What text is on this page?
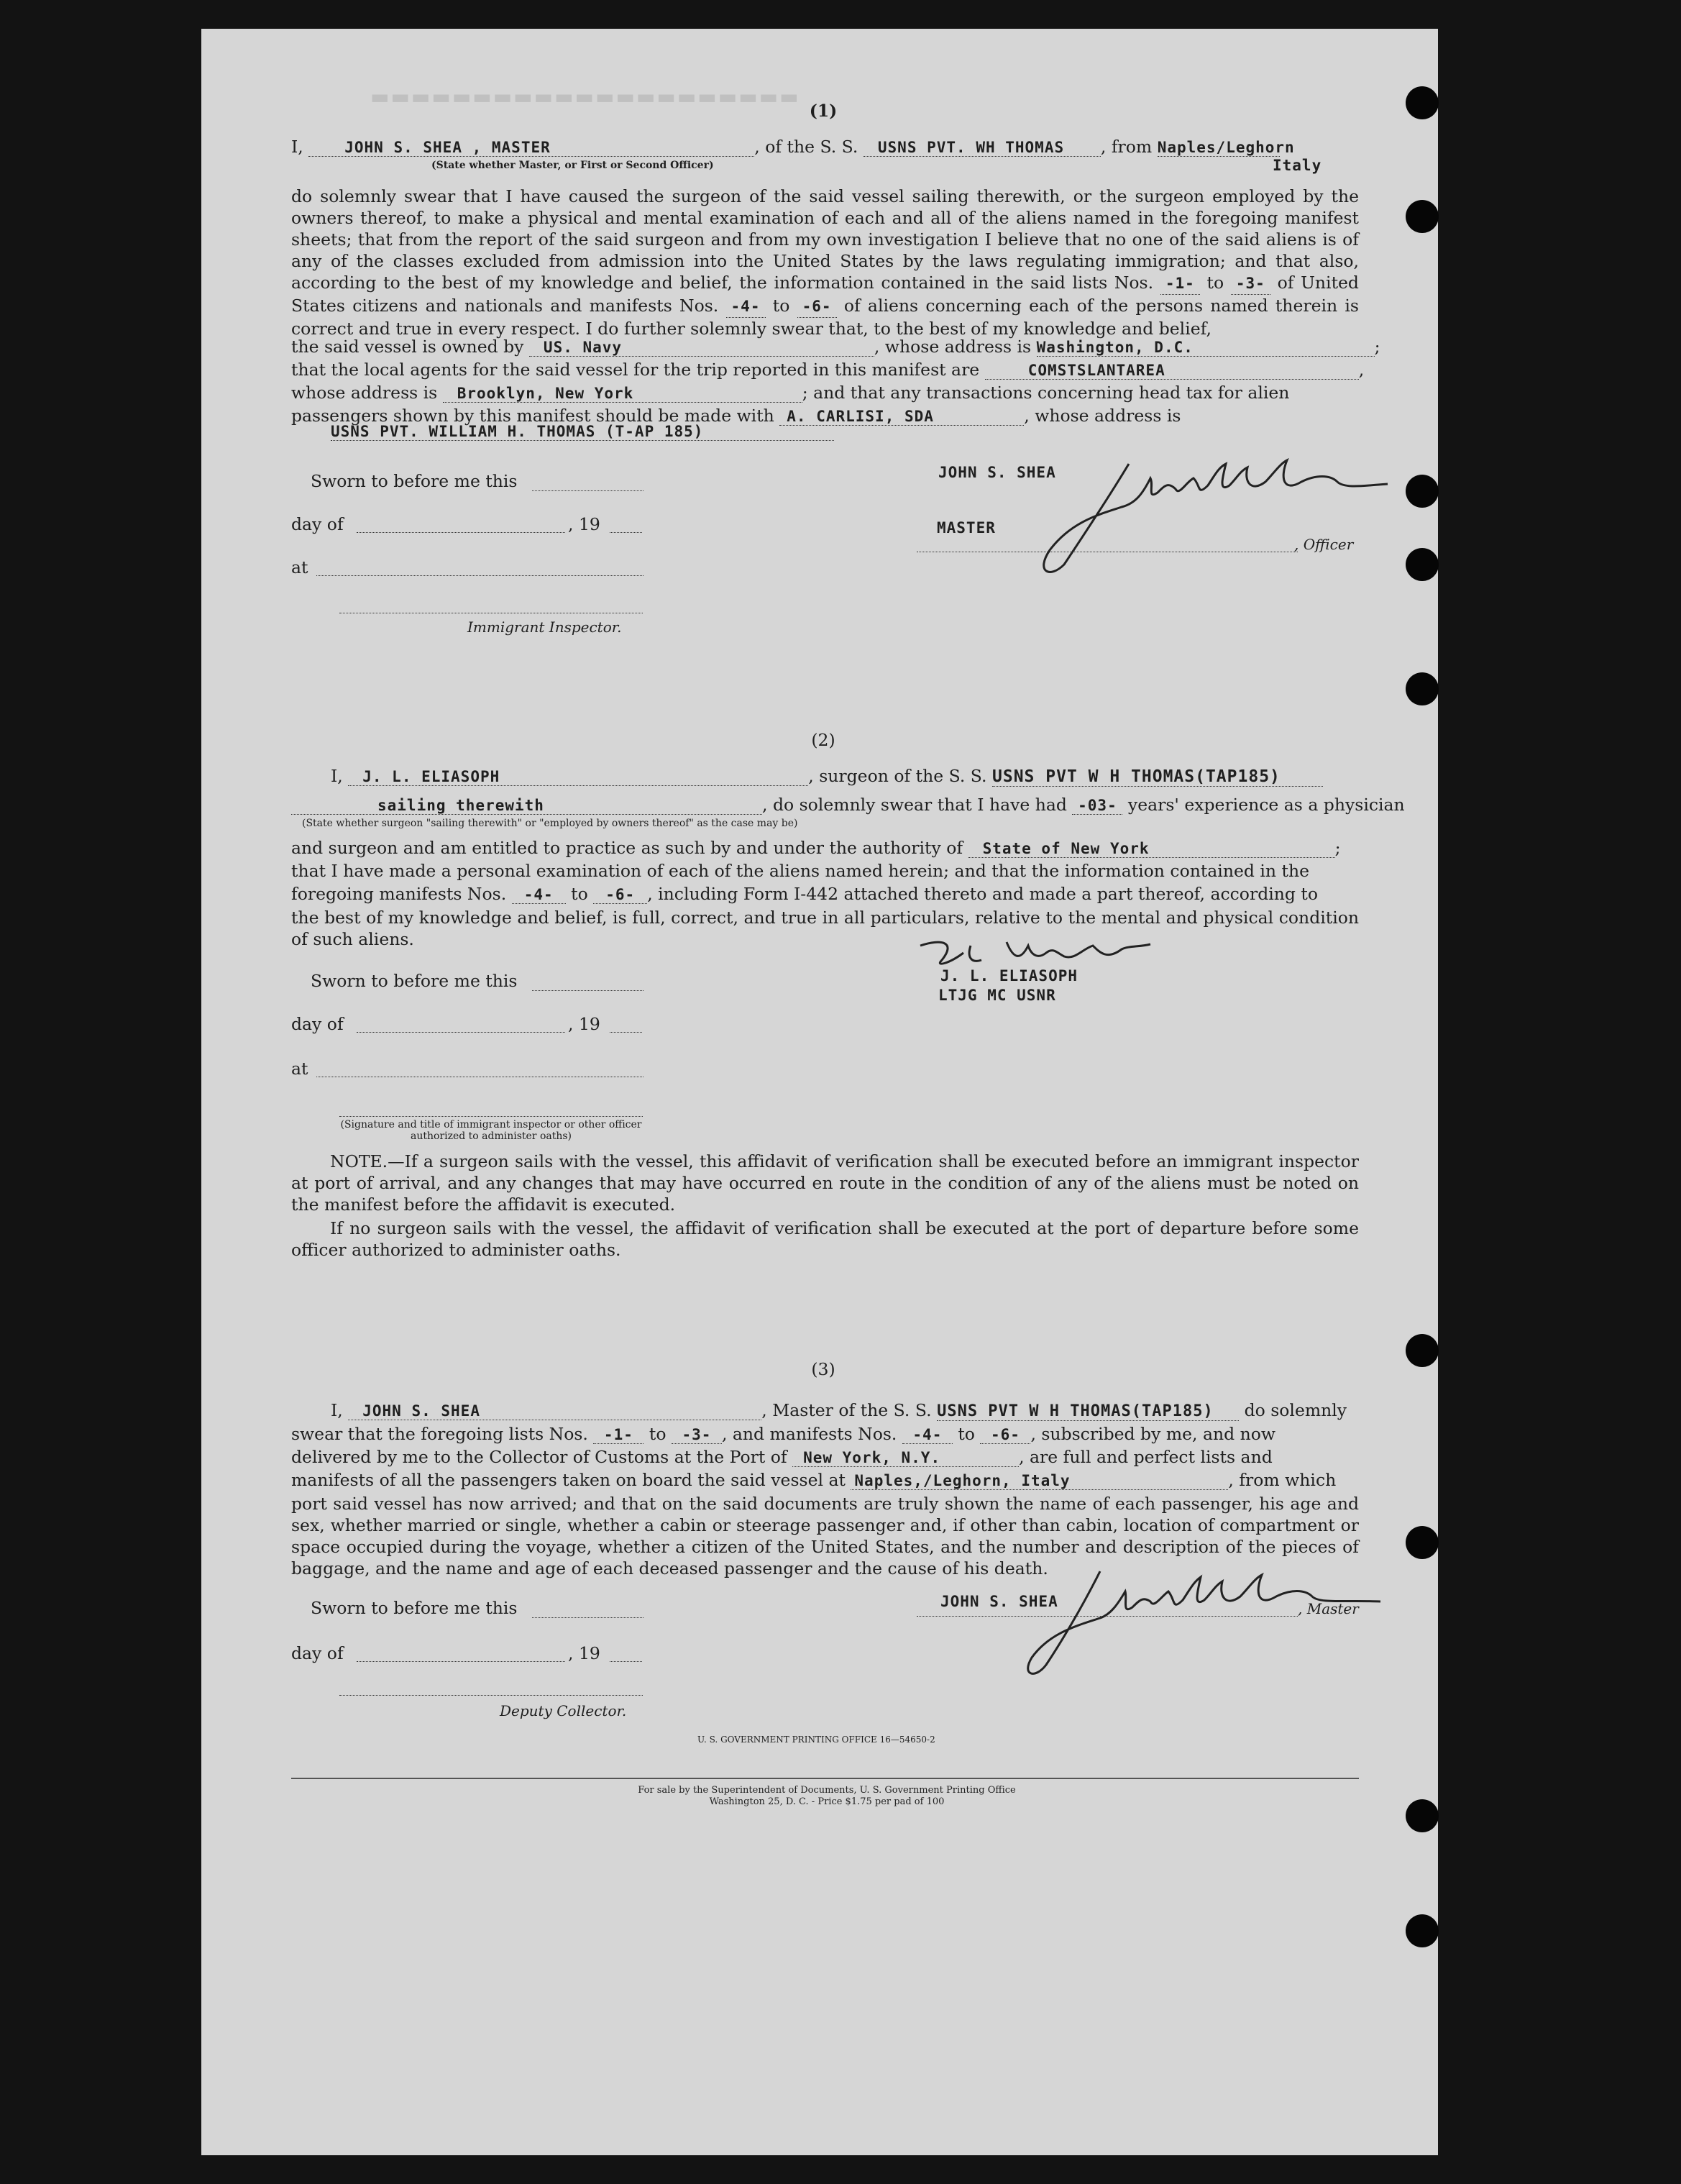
▬▬▬▬▬▬▬▬▬▬▬▬▬▬▬▬▬▬▬▬▬
(1)
I,	JOHN S. SHEA , MASTER	, of the S. S. USNS PVT. WH THOMAS , from Naples/Leghorn
(State whether Master, or First or Second Officer)	Italy
do solemnly swear that I have caused the surgeon of the said vessel sailing therewith, or the surgeon employed by the owners thereof, to make a physical and mental examination of each and all of the aliens named in the foregoing manifest sheets; that from the report of the said surgeon and from my own investigation I believe that no one of the said aliens is of any of the classes excluded from admission into the United States by the laws regulating immigration; and that also, according to the best of my knowledge and belief, the information contained in the said lists Nos. -1- to -3- of United States citizens and nationals and manifests Nos. -4- to -6- of aliens concerning each of the persons named therein is correct and true in every respect. I do further solemnly swear that, to the best of my knowledge and belief,
the said vessel is owned by US. Navy	, whose address is Washington, D.C.
that the local agents for the said vessel for the trip reported in this manifest are	COMSTSLANTAREA
whose address is Brooklyn, New York	; and that any transactions concerning head tax for alien
passengers shown by this manifest should be made with A. CARLISI, SDA	, whose address is
USNS PVT. WILLIAM H. THOMAS (T-AP 185)
Sworn to before me this
day of	, 19
at
Immigrant Inspector.
JOHN S. SHEA
MASTER
, Officer
(2)
I, J. L. ELIASOPH	, surgeon of the S. S. USNS PVT W H THOMAS(TAP185)
sailing therewith	, do solemnly swear that I have had -03- years' experience as a physician
(State whether surgeon "sailing therewith" or "employed by owners thereof" as the case may be)
and surgeon and am entitled to practice as such by and under the authority of State of New York	;
that I have made a personal examination of each of the aliens named herein; and that the information contained in the
foregoing manifests Nos. -4- to -6- , including Form I-442 attached thereto and made a part thereof, according to
the best of my knowledge and belief, is full, correct, and true in all particulars, relative to the mental and physical condition of such aliens.
J. L. ELIASOPH
LTJG MC USNR
Sworn to before me this
day of	, 19
at
(Signature and title of immigrant inspector or other officer authorized to administer oaths)
NOTE.—If a surgeon sails with the vessel, this affidavit of verification shall be executed before an immigrant inspector at port of arrival, and any changes that may have occurred en route in the condition of any of the aliens must be noted on the manifest before the affidavit is executed.
If no surgeon sails with the vessel, the affidavit of verification shall be executed at the port of departure before some officer authorized to administer oaths.
(3)
I, JOHN S. SHEA	, Master of the S. S. USNS PVT W H THOMAS(TAP185) do solemnly
swear that the foregoing lists Nos. -1- to -3- , and manifests Nos. -4- to -6- , subscribed by me, and now
delivered by me to the Collector of Customs at the Port of New York, N.Y.	, are full and perfect lists and
manifests of all the passengers taken on board the said vessel at Naples,/Leghorn, Italy	, from which
port said vessel has now arrived; and that on the said documents are truly shown the name of each passenger, his age and sex, whether married or single, whether a cabin or steerage passenger and, if other than cabin, location of compartment or space occupied during the voyage, whether a citizen of the United States, and the number and description of the pieces of baggage, and the name and age of each deceased passenger and the cause of his death.
Sworn to before me this
day of	, 19
Deputy Collector.
JOHN S. SHEA	, Master
U. S. GOVERNMENT PRINTING OFFICE 16—54650-2
For sale by the Superintendent of Documents, U. S. Government Printing Office
Washington 25, D. C. - Price $1.75 per pad of 100
